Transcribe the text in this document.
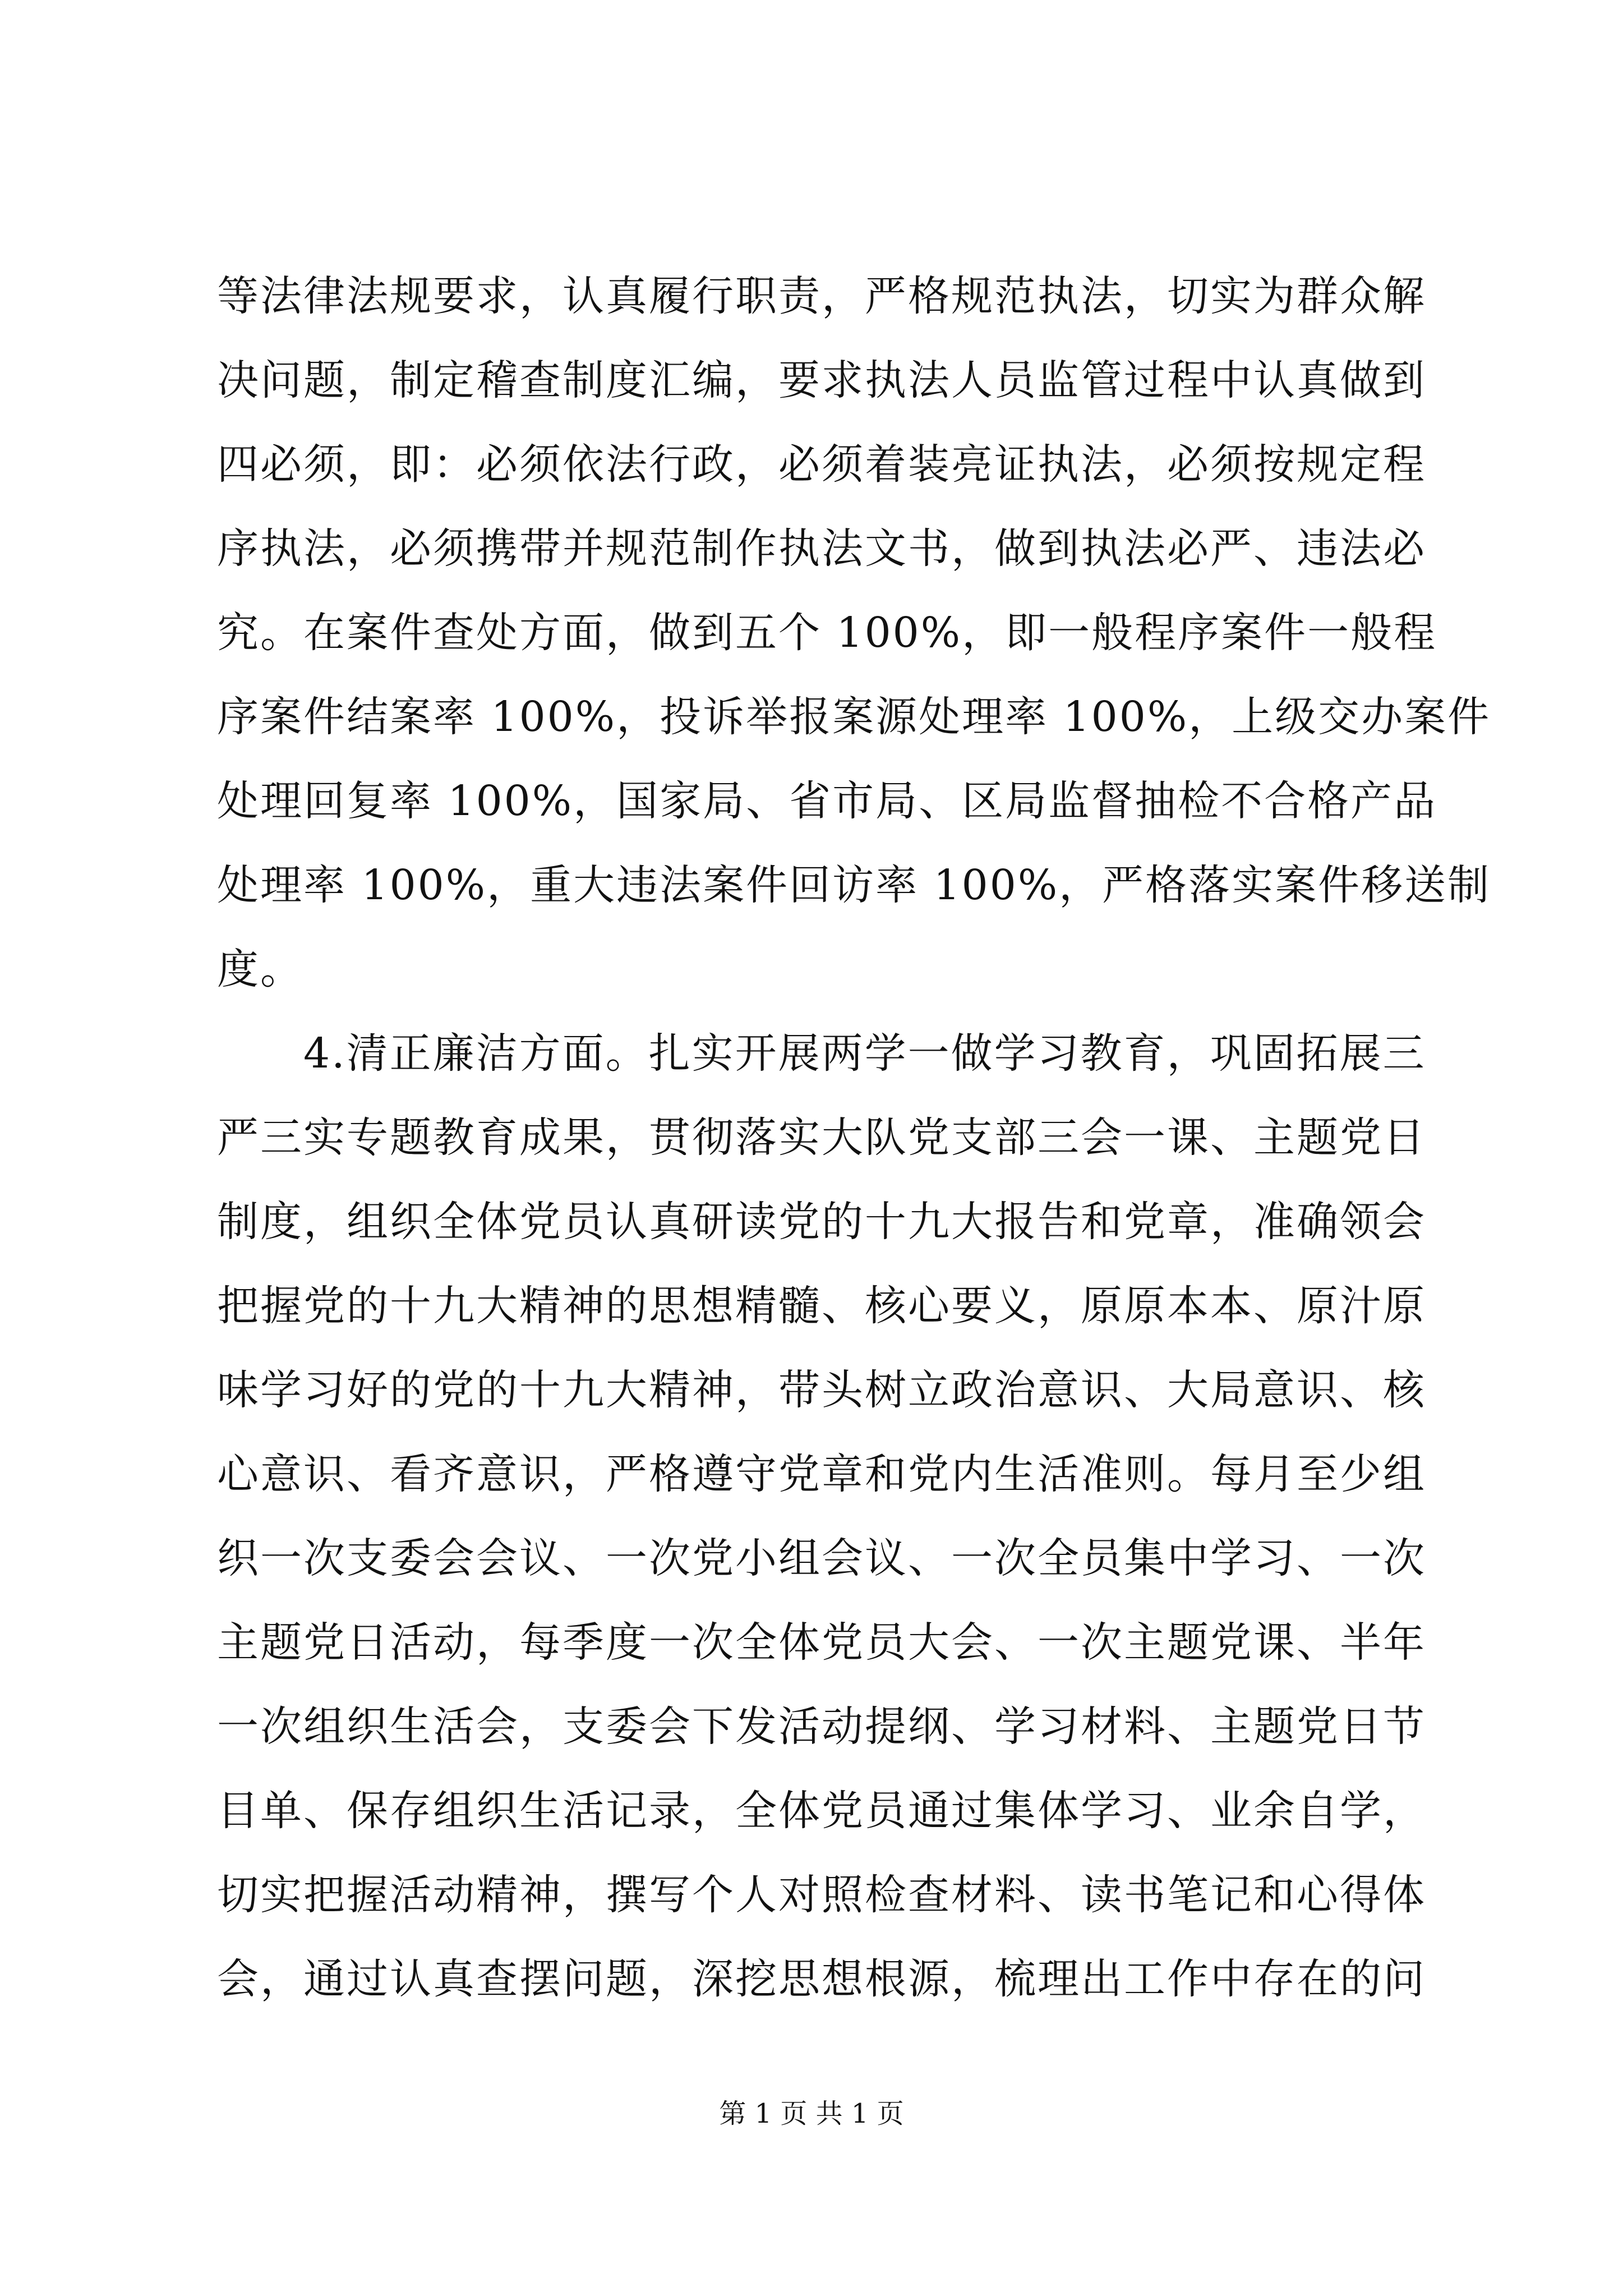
等法律法规要求，认真履行职责，严格规范执法，切实为群众解
决问题，制定稽查制度汇编，要求执法人员监管过程中认真做到
四必须，即：必须依法行政，必须着装亮证执法，必须按规定程
序执法，必须携带并规范制作执法文书，做到执法必严、违法必
究。在案件查处方面，做到五个 100%，即一般程序案件一般程
序案件结案率 100%，投诉举报案源处理率 100%，上级交办案件
处理回复率 100%，国家局、省市局、区局监督抽检不合格产品
处理率 100%，重大违法案件回访率 100%，严格落实案件移送制
度。
　　4.清正廉洁方面。扎实开展两学一做学习教育，巩固拓展三
严三实专题教育成果，贯彻落实大队党支部三会一课、主题党日
制度，组织全体党员认真研读党的十九大报告和党章，准确领会
把握党的十九大精神的思想精髓、核心要义，原原本本、原汁原
味学习好的党的十九大精神，带头树立政治意识、大局意识、核
心意识、看齐意识，严格遵守党章和党内生活准则。每月至少组
织一次支委会会议、一次党小组会议、一次全员集中学习、一次
主题党日活动，每季度一次全体党员大会、一次主题党课、半年
一次组织生活会，支委会下发活动提纲、学习材料、主题党日节
目单、保存组织生活记录，全体党员通过集体学习、业余自学，
切实把握活动精神，撰写个人对照检查材料、读书笔记和心得体
会，通过认真查摆问题，深挖思想根源，梳理出工作中存在的问
第 1 页 共 1 页
